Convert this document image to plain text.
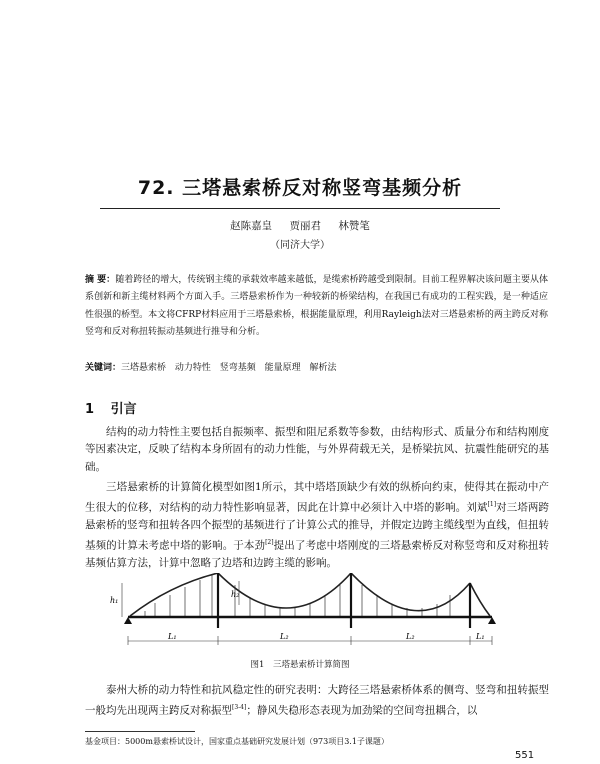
72. 三塔悬索桥反对称竖弯基频分析
赵陈嘉皇 贾丽君 林赞笔
（同济大学）
摘 要：随着跨径的增大，传统钢主缆的承载效率越来越低，是缆索桥跨越受到限制。目前工程界解决该问题主要从体系创新和新主缆材料两个方面入手。三塔悬索桥作为一种较新的桥梁结构，在我国已有成功的工程实践，是一种适应性很强的桥型。本文将CFRP材料应用于三塔悬索桥，根据能量原理，利用Rayleigh法对三塔悬索桥的两主跨反对称竖弯和反对称扭转振动基频进行推导和分析。
关键词：三塔悬索桥 动力特性 竖弯基频 能量原理 解析法
1 引言

结构的动力特性主要包括自振频率、振型和阻尼系数等参数，由结构形式、质量分布和结构刚度等因素决定，反映了结构本身所固有的动力性能，与外界荷载无关，是桥梁抗风、抗震性能研究的基础。

三塔悬索桥的计算简化模型如图1所示，其中塔塔顶缺少有效的纵桥向约束，使得其在振动中产生很大的位移，对结构的动力特性影响显著，因此在计算中必须计入中塔的影响。刘斌[1]对三塔两跨悬索桥的竖弯和扭转各四个振型的基频进行了计算公式的推导，并假定边跨主缆线型为直线，但扭转基频的计算未考虑中塔的影响。于本劲[2]提出了考虑中塔刚度的三塔悬索桥反对称竖弯和反对称扭转基频估算方法，计算中忽略了边塔和边跨主缆的影响。

h₁
h₂
L₁	L₂	L₂	L₁
图1 三塔悬索桥计算简图

泰州大桥的动力特性和抗风稳定性的研究表明：大跨径三塔悬索桥体系的侧弯、竖弯和扭转振型一般均先出现两主跨反对称振型[3-4]；静风失稳形态表现为加劲梁的空间弯扭耦合，以

基金项目：5000m悬索桥试设计，国家重点基础研究发展计划（973项目3.1子课题）
551
